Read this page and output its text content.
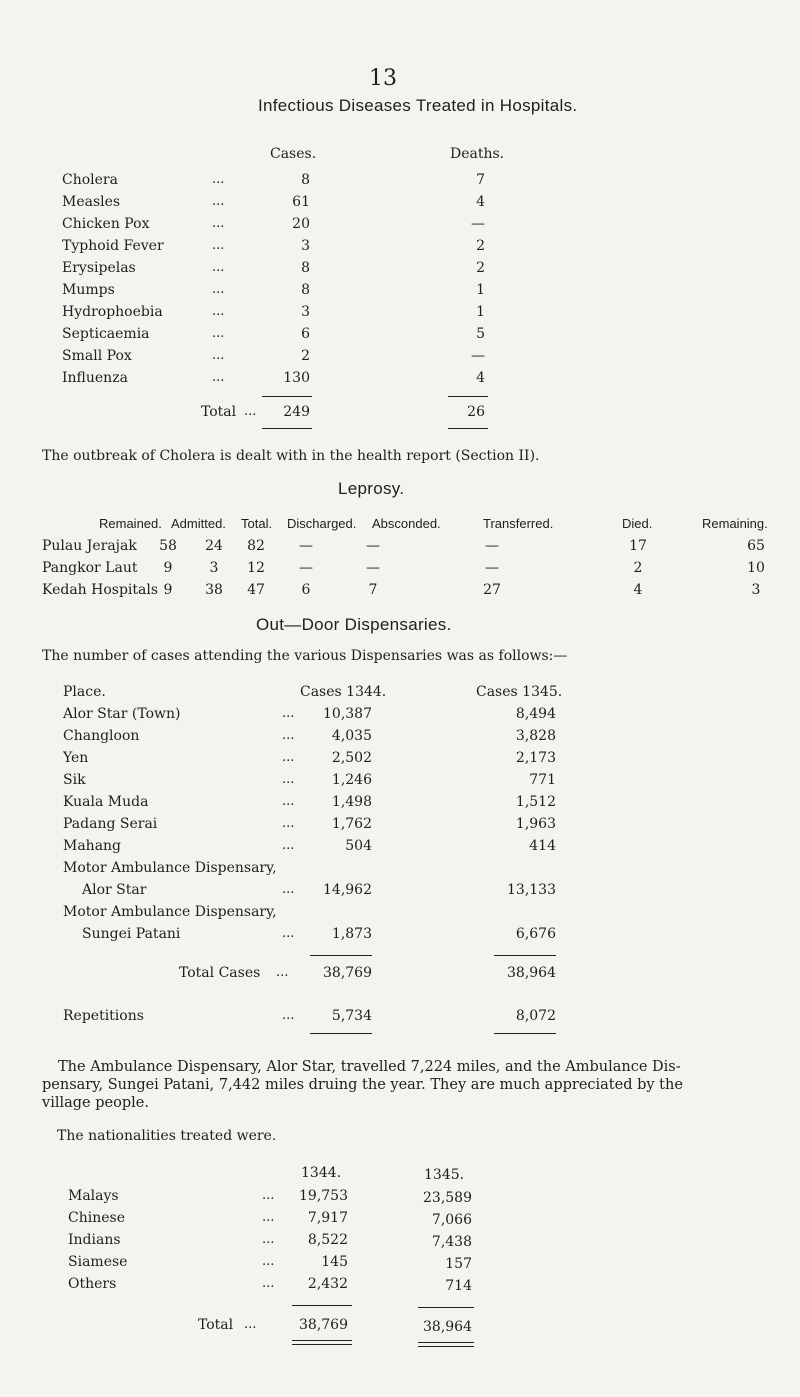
13
Infectious Diseases Treated in Hospitals.
Cases.	Deaths.
Cholera	...	8	7
Measles	...	61	4
Chicken Pox	...	20	—
Typhoid Fever	...	3	2
Erysipelas	...	8	2
Mumps	...	8	1
Hydrophoebia	...	3	1
Septicaemia	...	6	5
Small Pox	...	2	—
Influenza	...	130	4
Total ...	249	26
The outbreak of Cholera is dealt with in the health report (Section II).
Leprosy.
Remained. Admitted. Total. Discharged. Absconded.	Transferred.	Died.	Remaining.
Pulau Jerajak	58	24	82	—	—	—	17	65
Pangkor Laut	9	3	12	—	—	—	2	10
Kedah Hospitals 9	38	47	6	7	27	4	3
Out—Door Dispensaries.
The number of cases attending the various Dispensaries was as follows:—
Place.	Cases 1344.	Cases 1345.
Alor Star (Town)	...	10,387	8,494
Changloon	...	4,035	3,828
Yen	...	2,502	2,173
Sik	...	1,246	771
Kuala Muda	...	1,498	1,512
Padang Serai	...	1,762	1,963
Mahang	...	504	414
Motor Ambulance Dispensary,
Alor Star	...	14,962	13,133
Motor Ambulance Dispensary,
Sungei Patani	...	1,873	6,676
Total Cases ...	38,769	38,964
Repetitions	...	5,734	8,072
The Ambulance Dispensary, Alor Star, travelled 7,224 miles, and the Ambulance Dis-
pensary, Sungei Patani, 7,442 miles druing the year. They are much appreciated by the
village people.
The nationalities treated were.
1344.	1345.
Malays	...	19,753	23,589
Chinese	...	7,917	7,066
Indians	...	8,522	7,438
Siamese	...	145	157
Others	...	2,432	714
Total ...	38,769	38,964
